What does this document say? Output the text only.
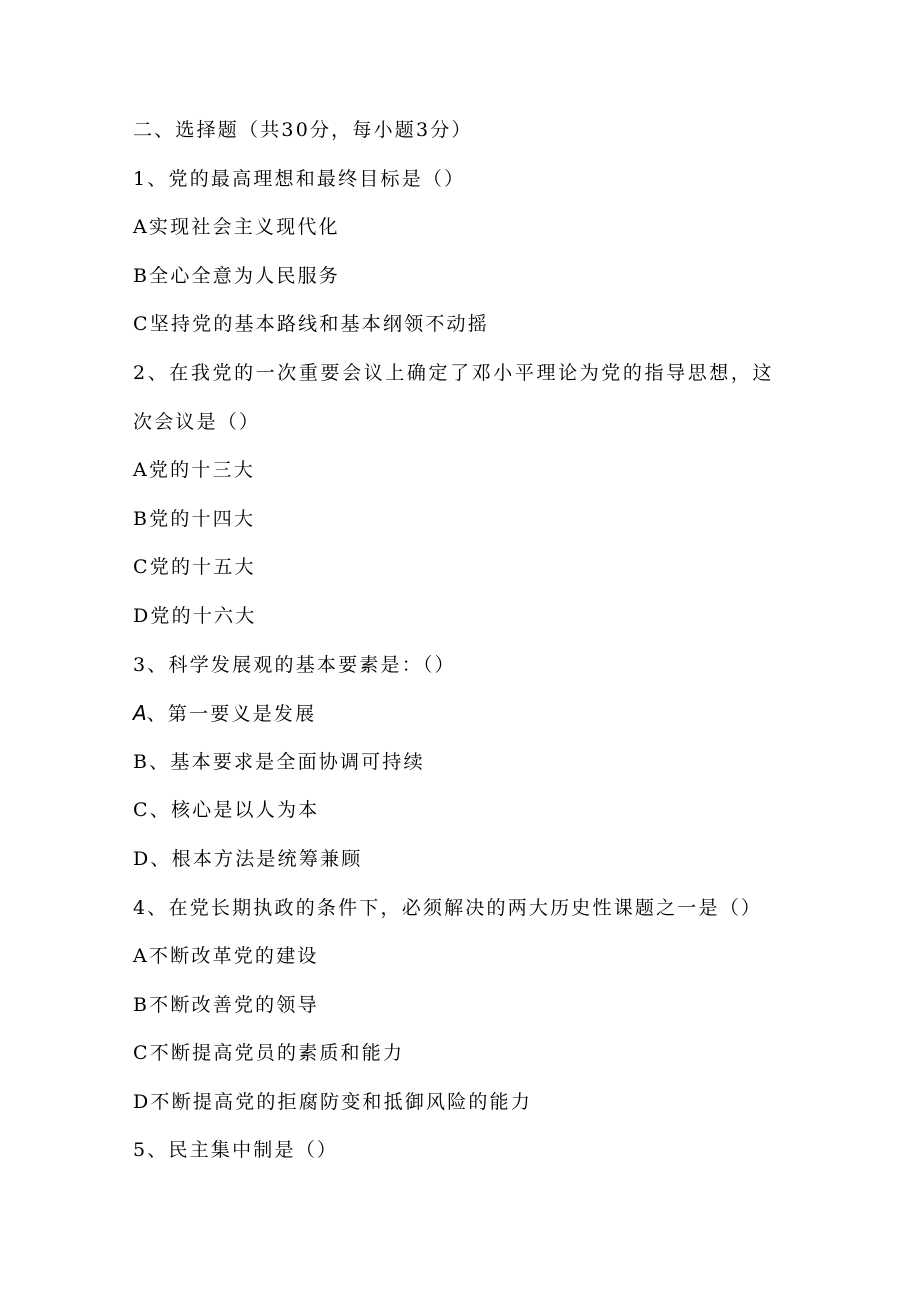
二、选择题（共30分，每小题3分）
1、党的最高理想和最终目标是（）
A实现社会主义现代化
B全心全意为人民服务
C坚持党的基本路线和基本纲领不动摇
2、在我党的一次重要会议上确定了邓小平理论为党的指导思想，这
次会议是（）
A党的十三大
B党的十四大
C党的十五大
D党的十六大
3、科学发展观的基本要素是：（）
A、第一要义是发展
B、基本要求是全面协调可持续
C、核心是以人为本
D、根本方法是统筹兼顾
4、在党长期执政的条件下，必须解决的两大历史性课题之一是（）
A不断改革党的建设
B不断改善党的领导
C不断提高党员的素质和能力
D不断提高党的拒腐防变和抵御风险的能力
5、民主集中制是（）
